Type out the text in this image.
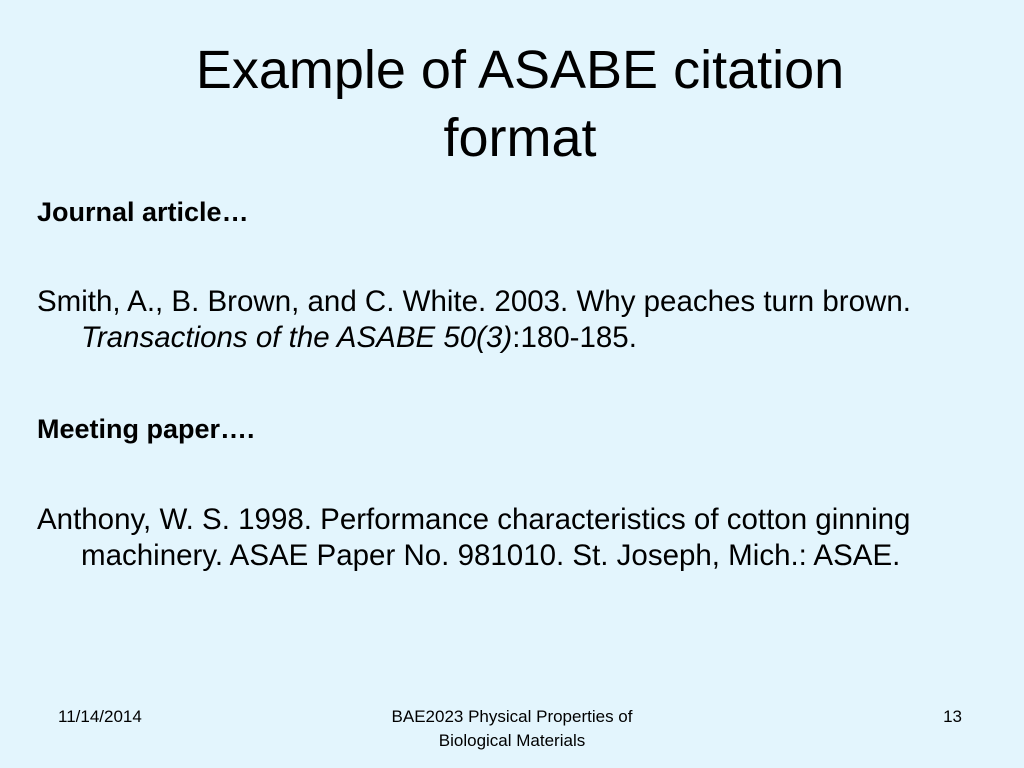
Example of ASABE citation
format
Journal article…
Smith, A., B. Brown, and C. White. 2003. Why peaches turn brown. Transactions of the ASABE 50(3):180-185.
Meeting paper….
Anthony, W. S. 1998. Performance characteristics of cotton ginning machinery. ASAE Paper No. 981010. St. Joseph, Mich.: ASAE.
11/14/2014	BAE2023 Physical Properties of
Biological Materials
13
